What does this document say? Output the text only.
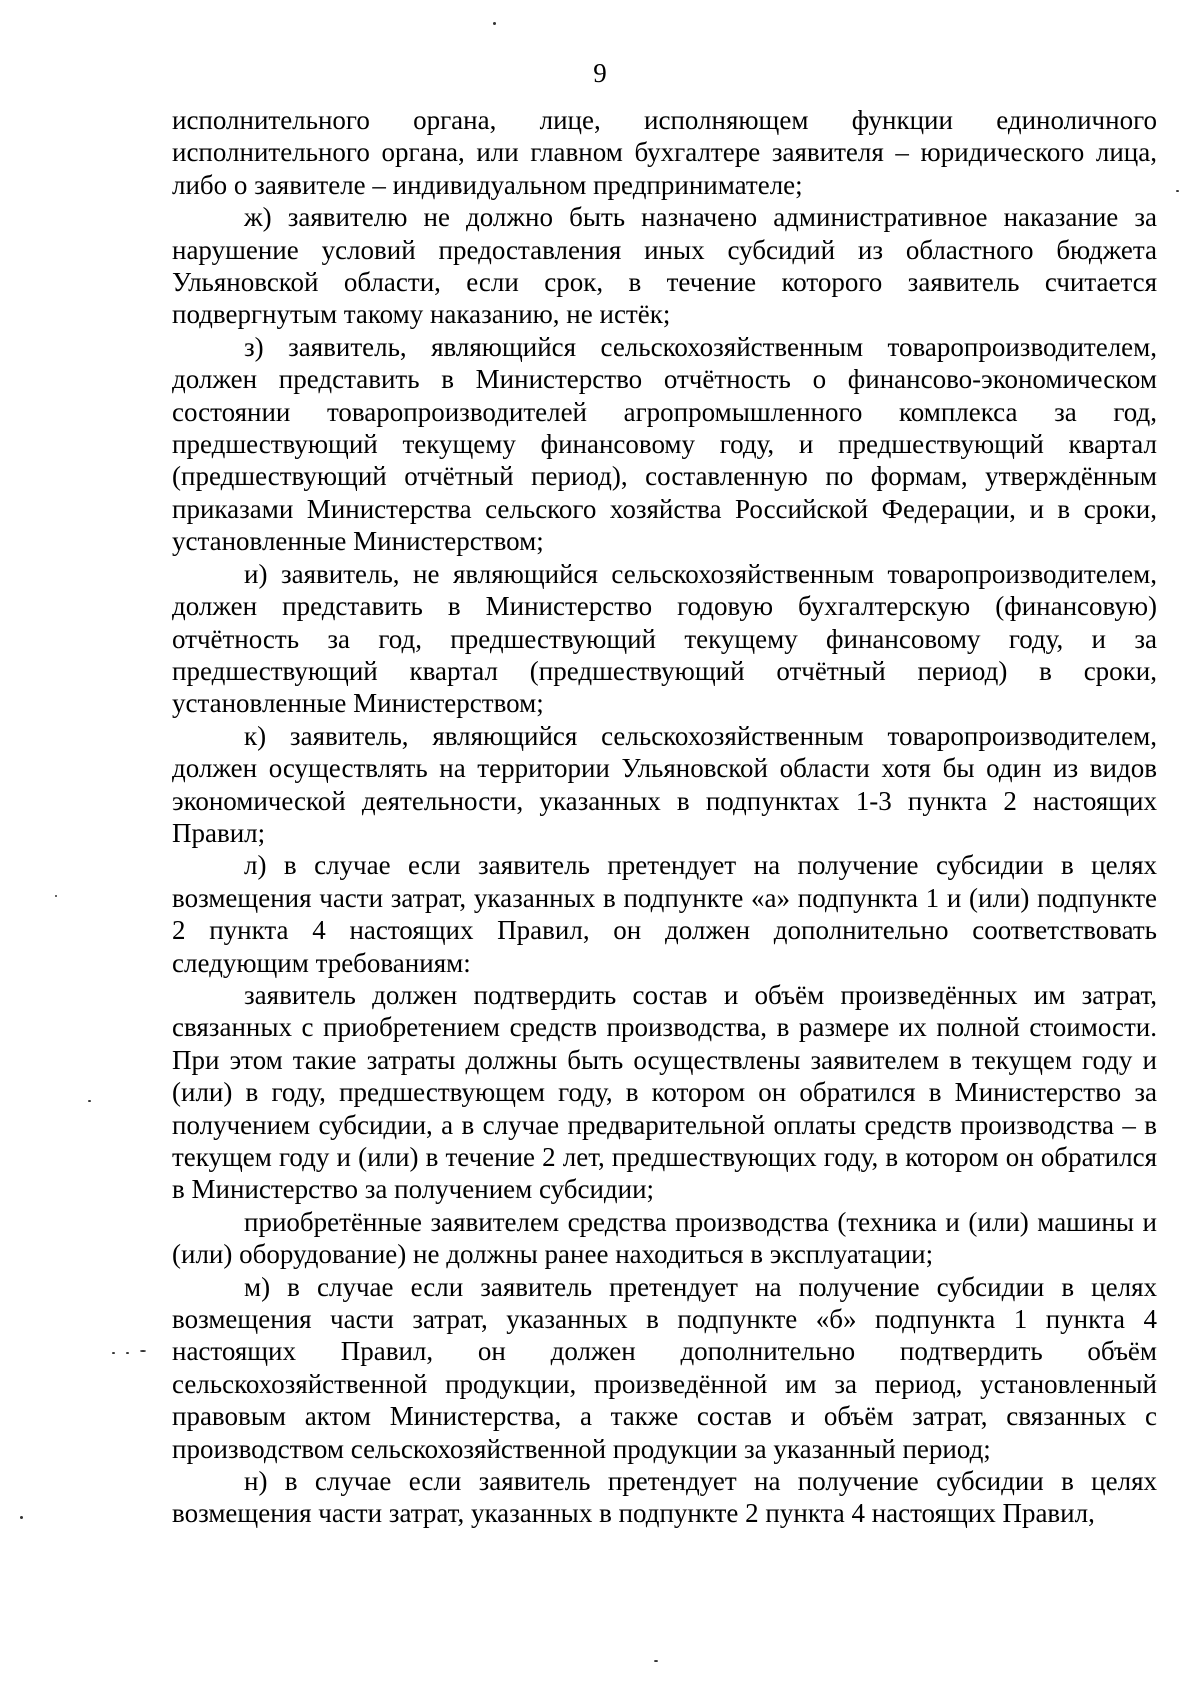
9

исполнительного органа, лице, исполняющем функции единоличного исполнительного органа, или главном бухгалтере заявителя – юридического лица, либо о заявителе – индивидуальном предпринимателе;

ж) заявителю не должно быть назначено административное наказание за нарушение условий предоставления иных субсидий из областного бюджета Ульяновской области, если срок, в течение которого заявитель считается подвергнутым такому наказанию, не истёк;

з) заявитель, являющийся сельскохозяйственным товаропроизводителем, должен представить в Министерство отчётность о финансово-экономическом состоянии товаропроизводителей агропромышленного комплекса за год, предшествующий текущему финансовому году, и предшествующий квартал (предшествующий отчётный период), составленную по формам, утверждённым приказами Министерства сельского хозяйства Российской Федерации, и в сроки, установленные Министерством;

и) заявитель, не являющийся сельскохозяйственным товаропроизводителем, должен представить в Министерство годовую бухгалтерскую (финансовую) отчётность за год, предшествующий текущему финансовому году, и за предшествующий квартал (предшествующий отчётный период) в сроки, установленные Министерством;

к) заявитель, являющийся сельскохозяйственным товаропроизводителем, должен осуществлять на территории Ульяновской области хотя бы один из видов экономической деятельности, указанных в подпунктах 1-3 пункта 2 настоящих Правил;

л) в случае если заявитель претендует на получение субсидии в целях возмещения части затрат, указанных в подпункте «а» подпункта 1 и (или) подпункте 2 пункта 4 настоящих Правил, он должен дополнительно соответствовать следующим требованиям:

заявитель должен подтвердить состав и объём произведённых им затрат, связанных с приобретением средств производства, в размере их полной стоимости. При этом такие затраты должны быть осуществлены заявителем в текущем году и (или) в году, предшествующем году, в котором он обратился в Министерство за получением субсидии, а в случае предварительной оплаты средств производства – в текущем году и (или) в течение 2 лет, предшествующих году, в котором он обратился в Министерство за получением субсидии;

приобретённые заявителем средства производства (техника и (или) машины и (или) оборудование) не должны ранее находиться в эксплуатации;

м) в случае если заявитель претендует на получение субсидии в целях возмещения части затрат, указанных в подпункте «б» подпункта 1 пункта 4 настоящих Правил, он должен дополнительно подтвердить объём сельскохозяйственной продукции, произведённой им за период, установленный правовым актом Министерства, а также состав и объём затрат, связанных с производством сельскохозяйственной продукции за указанный период;

н) в случае если заявитель претендует на получение субсидии в целях возмещения части затрат, указанных в подпункте 2 пункта 4 настоящих Правил,
